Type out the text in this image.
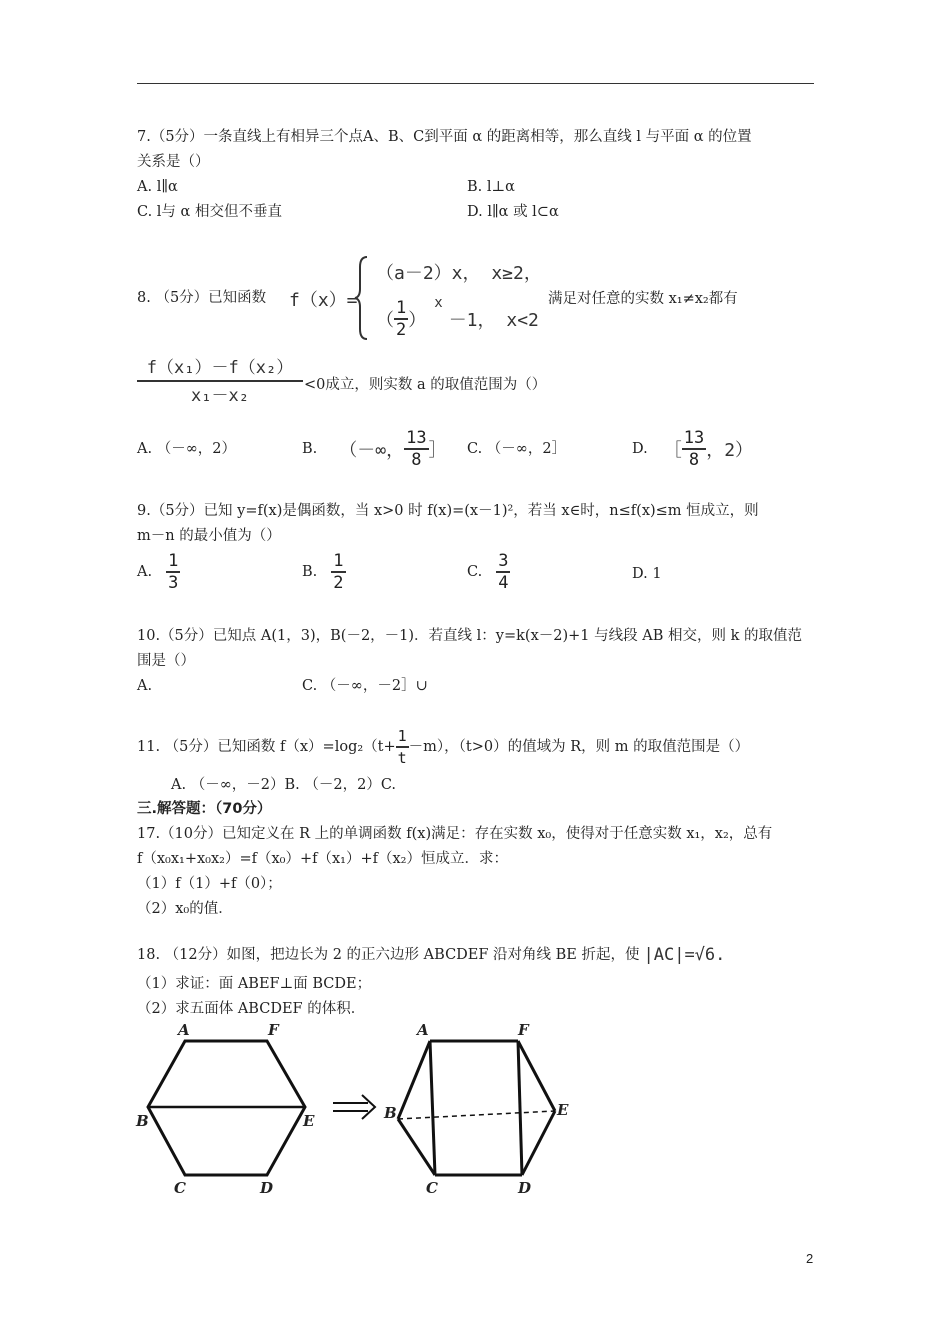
7.（5分）一条直线上有相异三个点A、B、C到平面 α 的距离相等，那么直线 l 与平面 α 的位置
关系是（）
A. l∥α	B. l⊥α
C. l与 α 相交但不垂直	D. l∥α 或 l⊂α
8. （5分）已知函数 f（x）=
（a－2）x， x≥2，
（ $\frac{1}{2}$ ）
x
－1， x<2
满足对任意的实数 x₁≠x₂都有
f（x₁）－f（x₂）
x₁－x₂
<0成立，则实数 a 的取值范围为（）
A. （－∞，2）	B. （－∞， $\frac{13}{8}$ ］ C. （－∞，2］	D. ［ $\frac{13}{8}$ ，2）
9.（5分）已知 y=f(x)是偶函数，当 x>0 时 f(x)=(x－1)²，若当 x∈时，n≤f(x)≤m 恒成立，则
m－n 的最小值为（）
A. $\frac{1}{3}$	B. $\frac{1}{2}$	C. $\frac{3}{4}$	D. 1
10.（5分）已知点 A(1，3)，B(－2，－1)．若直线 l：y=k(x－2)+1 与线段 AB 相交，则 k 的取值范
围是（）
A.	C. （－∞，－2］∪
11. （5分）已知函数 $f(x)=\log_2(t+ \frac{1}{t} -m)$，（t>0）的值域为 R，则 m 的取值范围是（）
A. （－∞，－2）B. （－2，2）C.
三.解答题：（70分）
17.（10分）已知定义在 R 上的单调函数 f(x)满足：存在实数 x₀，使得对于任意实数 x₁，x₂，总有
f（x₀x₁+x₀x₂）=f（x₀）+f（x₁）+f（x₂）恒成立．求：
（1）f（1）+f（0）；
（2）x₀的值．
18. （12分）如图，把边长为 2 的正六边形 ABCDEF 沿对角线 BE 折起，使 |AC|=√6.
（1）求证：面 ABEF⊥面 BCDE；
（2）求五面体 ABCDEF 的体积．
A	F
B	E
C	D
A	F
B	E
C	D
2
